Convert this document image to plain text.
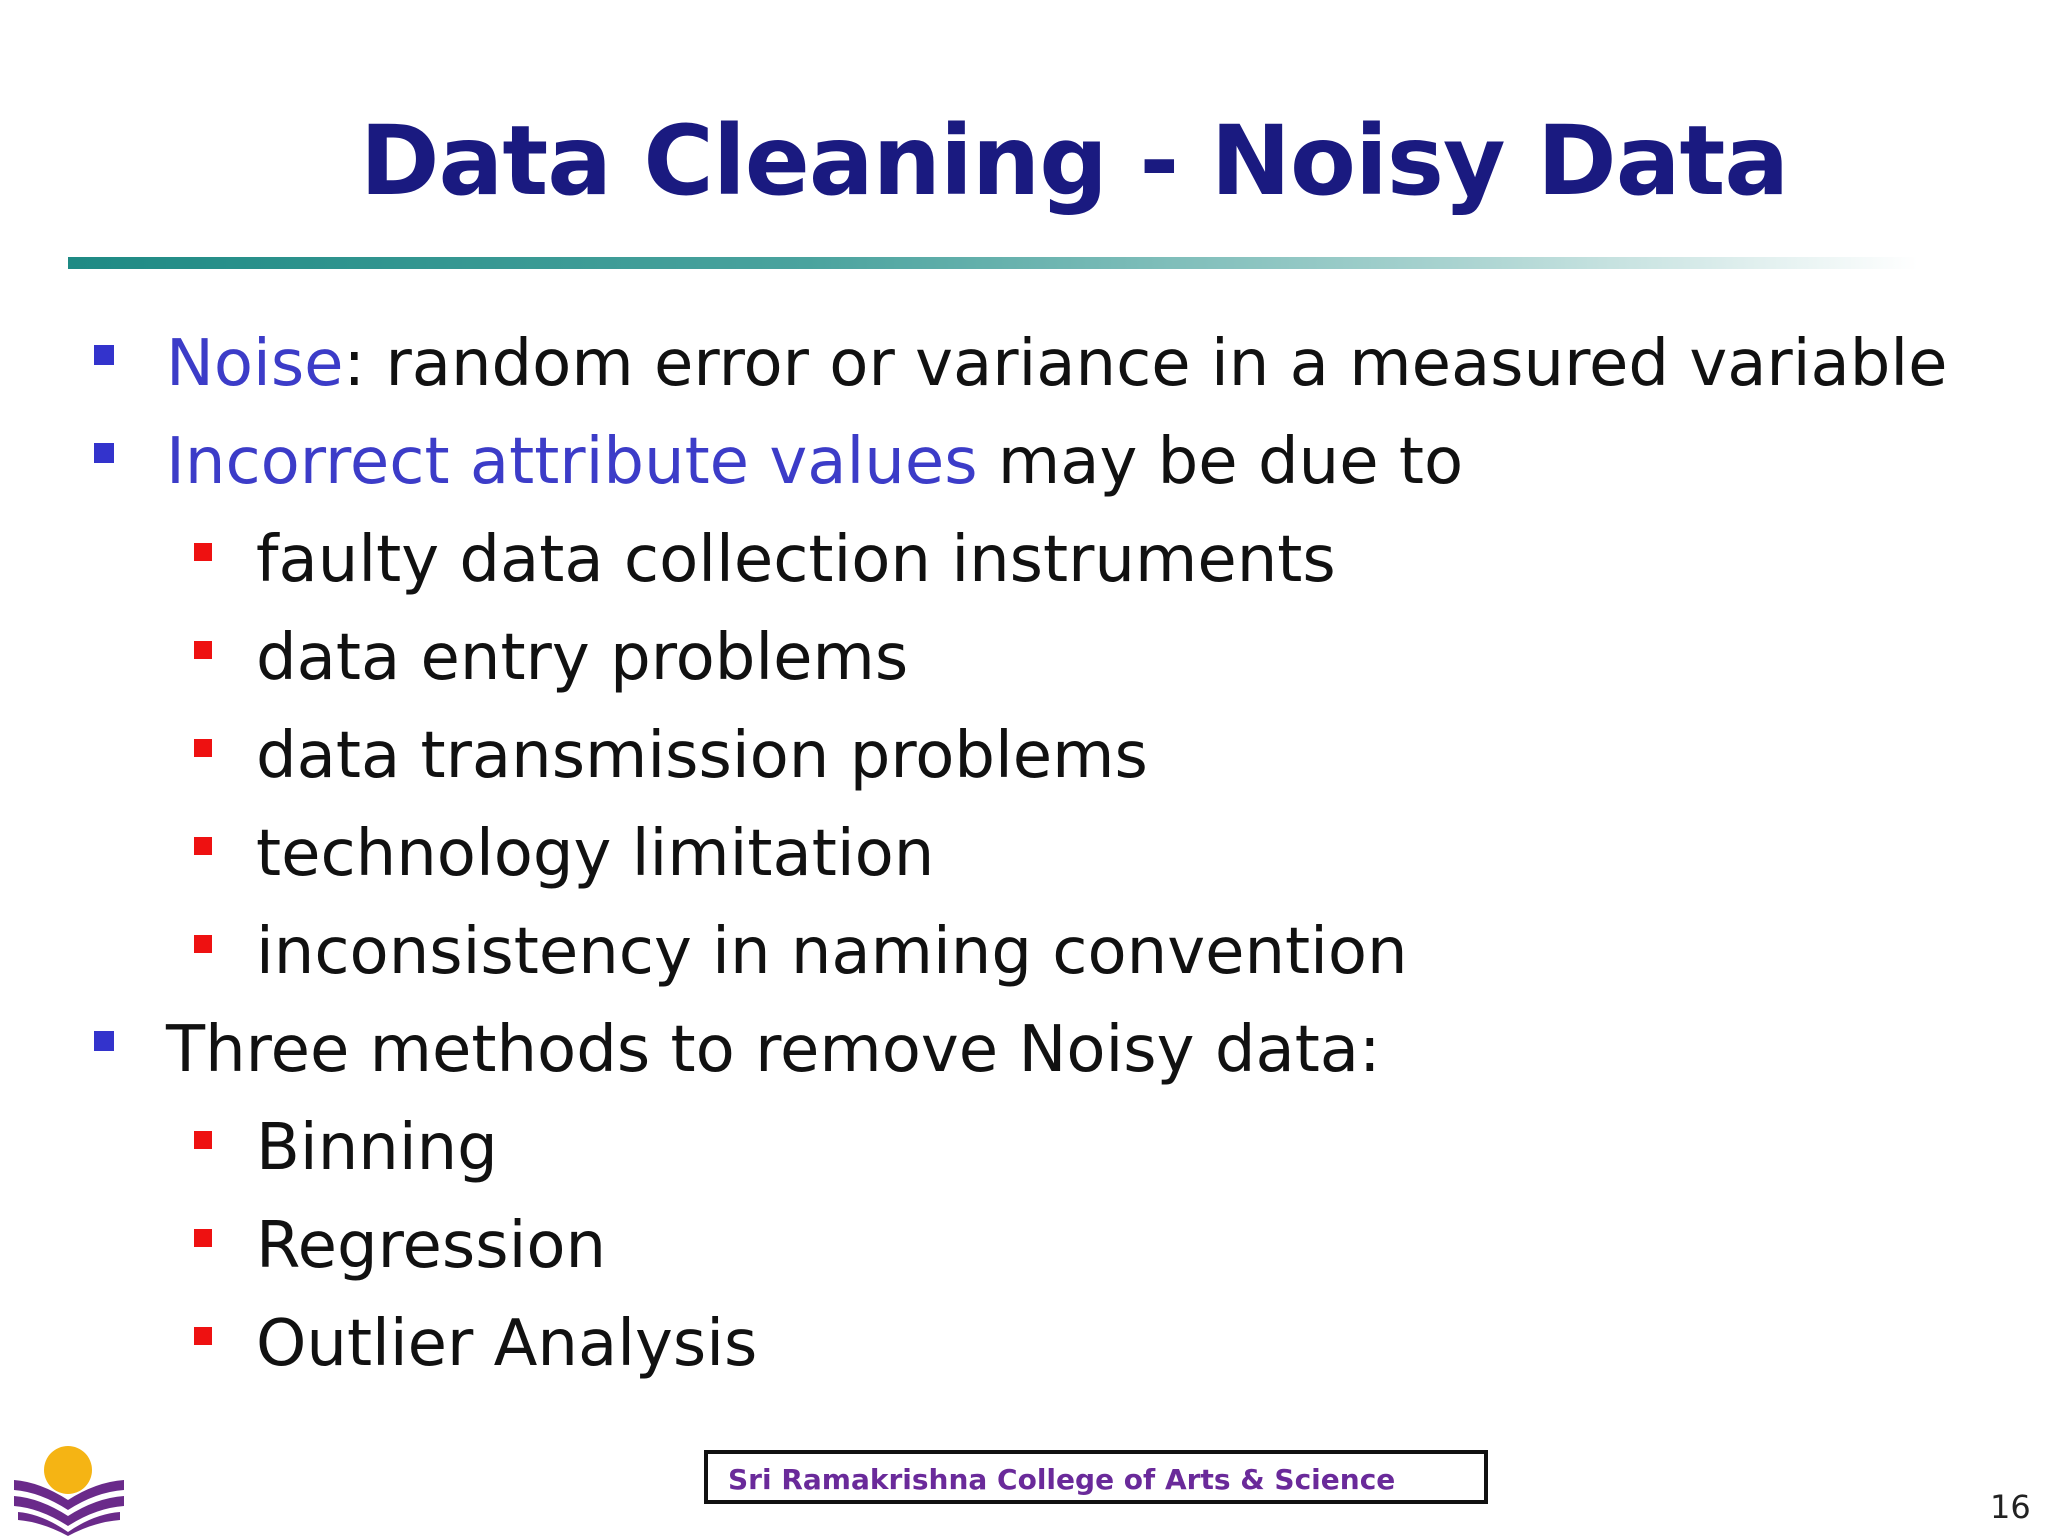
Data Cleaning - Noisy Data
Noise: random error or variance in a measured variable
Incorrect attribute values may be due to
faulty data collection instruments
data entry problems
data transmission problems
technology limitation
inconsistency in naming convention
Three methods to remove Noisy data:
Binning
Regression
Outlier Analysis
Sri Ramakrishna College of Arts & Science
16
